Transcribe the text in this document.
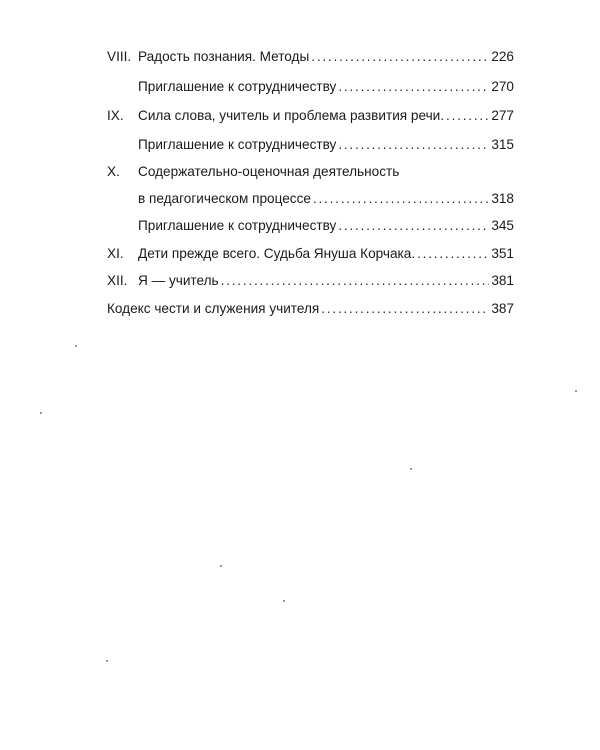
VIII. Радость познания. Методы . . .	226
Приглашение к сотрудничеству . . .	270
IX.	Сила слова, учитель и проблема развития речи. . . .	277
Приглашение к сотрудничеству . . .	315
X.	Содержательно-оценочная деятельность
в педагогическом процессе . . .	318
Приглашение к сотрудничеству . . .	345
XI.	Дети прежде всего. Судьба Януша Корчака. . . .	351
XII. Я — учитель . . .	381
Кодекс чести и служения учителя . . .	387
